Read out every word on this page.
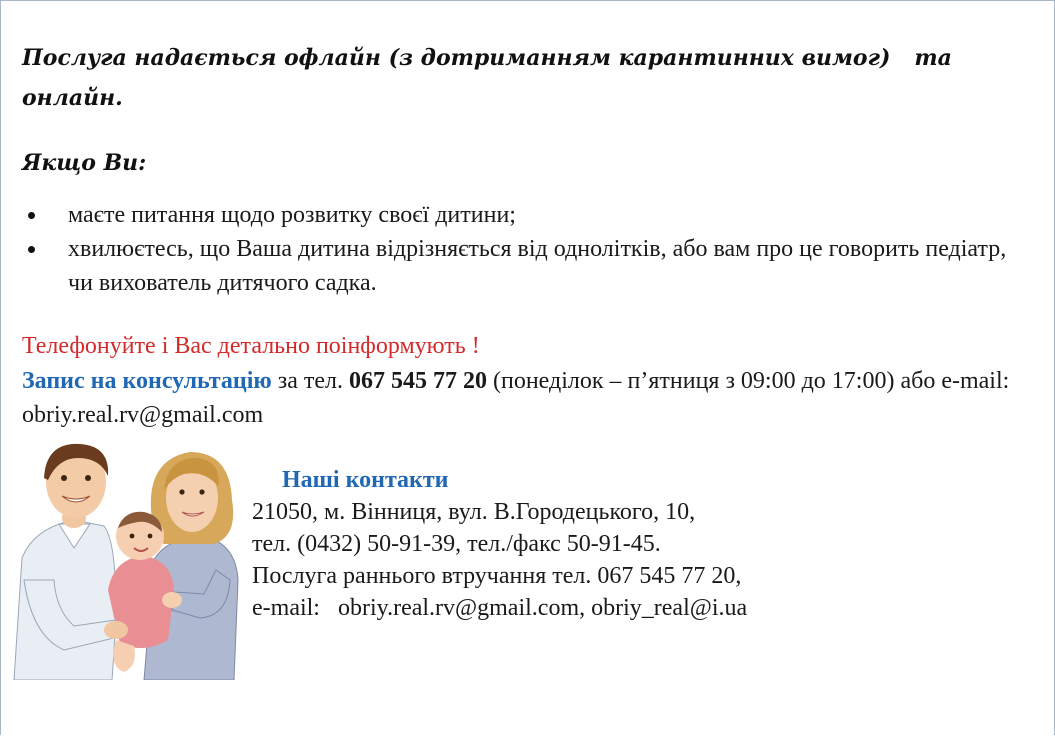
Послуга надається офлайн (з дотриманням карантинних вимог) та онлайн.
Якщо Ви:
маєте питання щодо розвитку своєї дитини;
хвилюєтесь, що Ваша дитина відрізняється від однолітків, або вам про це говорить педіатр, чи вихователь дитячого садка.
Телефонуйте і Вас детально поінформують !
Запис на консультацію за тел. 067 545 77 20 (понеділок – п’ятниця з 09:00 до 17:00) або e-mail: obriy.real.rv@gmail.com
Наші контакти
21050, м. Вінниця, вул. В.Городецького, 10,
тел. (0432) 50-91-39, тел./факс 50-91-45.
Послуга раннього втручання тел. 067 545 77 20,
e-mail:   obriy.real.rv@gmail.com, obriy_real@i.ua
